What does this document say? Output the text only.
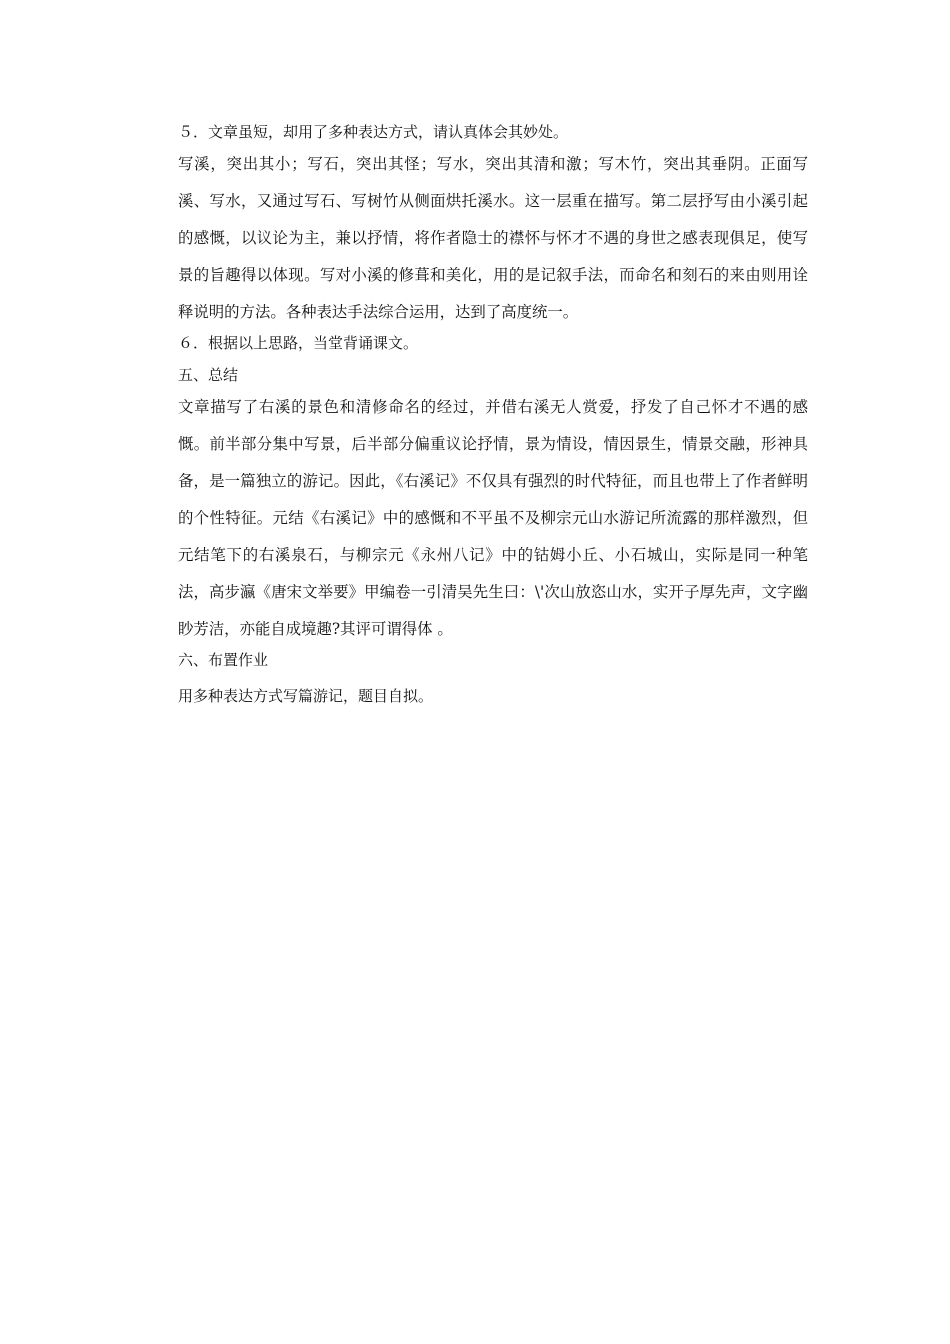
５．文章虽短，却用了多种表达方式，请认真体会其妙处。

写溪，突出其小；写石，突出其怪；写水，突出其清和激；写木竹，突出其垂阴。正面写溪、写水，又通过写石、写树竹从侧面烘托溪水。这一层重在描写。第二层抒写由小溪引起的感慨，以议论为主，兼以抒情，将作者隐士的襟怀与怀才不遇的身世之感表现俱足，使写景的旨趣得以体现。写对小溪的修葺和美化，用的是记叙手法，而命名和刻石的来由则用诠释说明的方法。各种表达手法综合运用，达到了高度统一。

６．根据以上思路，当堂背诵课文。

五、总结

文章描写了右溪的景色和清修命名的经过，并借右溪无人赏爱，抒发了自己怀才不遇的感慨。前半部分集中写景，后半部分偏重议论抒情，景为情设，情因景生，情景交融，形神具备，是一篇独立的游记。因此，《右溪记》不仅具有强烈的时代特征，而且也带上了作者鲜明的个性特征。元结《右溪记》中的感慨和不平虽不及柳宗元山水游记所流露的那样激烈，但元结笔下的右溪泉石，与柳宗元《永州八记》中的钴姆小丘、小石城山，实际是同一种笔法，高步瀛《唐宋文举要》甲编卷一引清吴先生曰：\'次山放恣山水，实开子厚先声，文字幽眇芳洁，亦能自成境趣?其评可谓得体 。

六、布置作业

用多种表达方式写篇游记，题目自拟。
